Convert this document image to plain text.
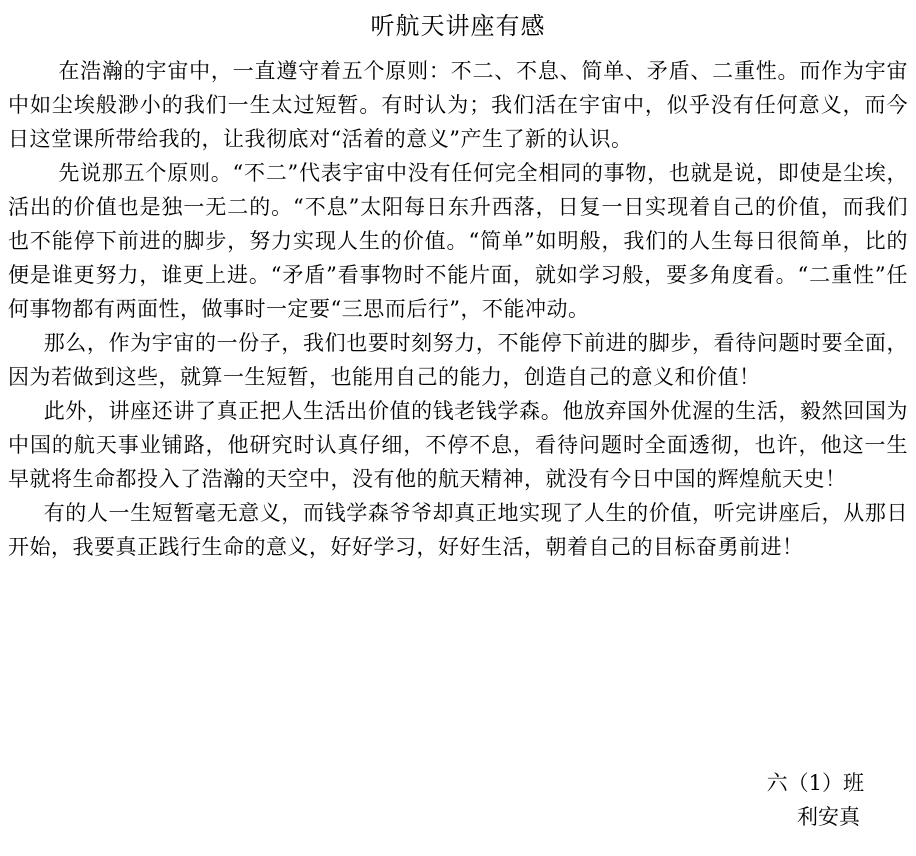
听航天讲座有感

在浩瀚的宇宙中，一直遵守着五个原则：不二、不息、简单、矛盾、二重性。而作为宇宙中如尘埃般渺小的我们一生太过短暂。有时认为；我们活在宇宙中，似乎没有任何意义，而今日这堂课所带给我的，让我彻底对“活着的意义”产生了新的认识。

先说那五个原则。“不二”代表宇宙中没有任何完全相同的事物，也就是说，即使是尘埃，活出的价值也是独一无二的。“不息”太阳每日东升西落，日复一日实现着自己的价值，而我们也不能停下前进的脚步，努力实现人生的价值。“简单”如明般，我们的人生每日很简单，比的便是谁更努力，谁更上进。“矛盾”看事物时不能片面，就如学习般，要多角度看。“二重性”任何事物都有两面性，做事时一定要“三思而后行”，不能冲动。

那么，作为宇宙的一份子，我们也要时刻努力，不能停下前进的脚步，看待问题时要全面，因为若做到这些，就算一生短暂，也能用自己的能力，创造自己的意义和价值！

此外，讲座还讲了真正把人生活出价值的钱老钱学森。他放弃国外优渥的生活，毅然回国为中国的航天事业铺路，他研究时认真仔细，不停不息，看待问题时全面透彻，也许，他这一生早就将生命都投入了浩瀚的天空中，没有他的航天精神，就没有今日中国的辉煌航天史！

有的人一生短暂毫无意义，而钱学森爷爷却真正地实现了人生的价值，听完讲座后，从那日开始，我要真正践行生命的意义，好好学习，好好生活，朝着自己的目标奋勇前进！

六（1）班
利安真
